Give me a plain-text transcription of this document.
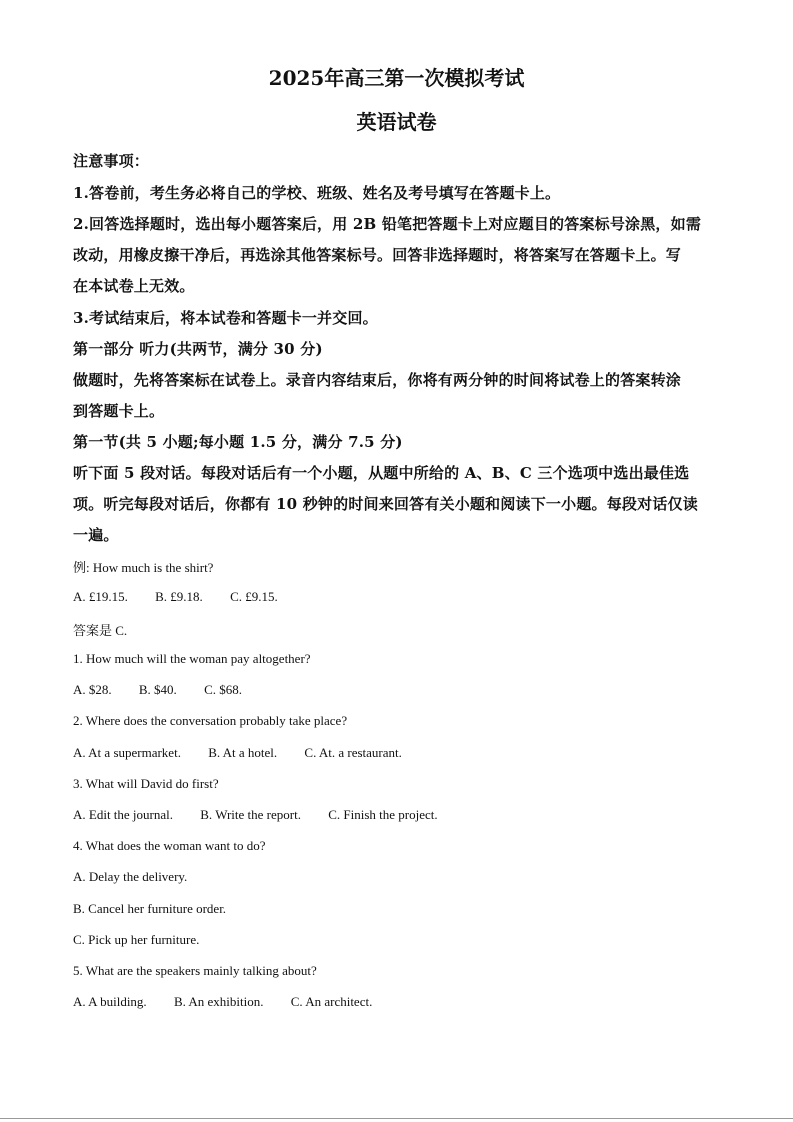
2025年高三第一次模拟考试
英语试卷
注意事项：
1.答卷前，考生务必将自己的学校、班级、姓名及考号填写在答题卡上。
2.回答选择题时，选出每小题答案后，用 2B 铅笔把答题卡上对应题目的答案标号涂黑，如需
改动，用橡皮擦干净后，再选涂其他答案标号。回答非选择题时，将答案写在答题卡上。写
在本试卷上无效。
3.考试结束后，将本试卷和答题卡一并交回。
第一部分 听力(共两节，满分 30 分)
做题时，先将答案标在试卷上。录音内容结束后，你将有两分钟的时间将试卷上的答案转涂
到答题卡上。
第一节(共 5 小题;每小题 1.5 分，满分 7.5 分)
听下面 5 段对话。每段对话后有一个小题，从题中所给的 A、B、C 三个选项中选出最佳选
项。听完每段对话后，你都有 10 秒钟的时间来回答有关小题和阅读下一小题。每段对话仅读
一遍。
例: How much is the shirt?
A. £19.15. B. £9.18. C. £9.15.
答案是 C.
1. How much will the woman pay altogether?
A. $28. B. $40. C. $68.
2. Where does the conversation probably take place?
A. At a supermarket. B. At a hotel. C. At. a restaurant.
3. What will David do first?
A. Edit the journal. B. Write the report. C. Finish the project.
4. What does the woman want to do?
A. Delay the delivery.
B. Cancel her furniture order.
C. Pick up her furniture.
5. What are the speakers mainly talking about?
A. A building. B. An exhibition. C. An architect.
